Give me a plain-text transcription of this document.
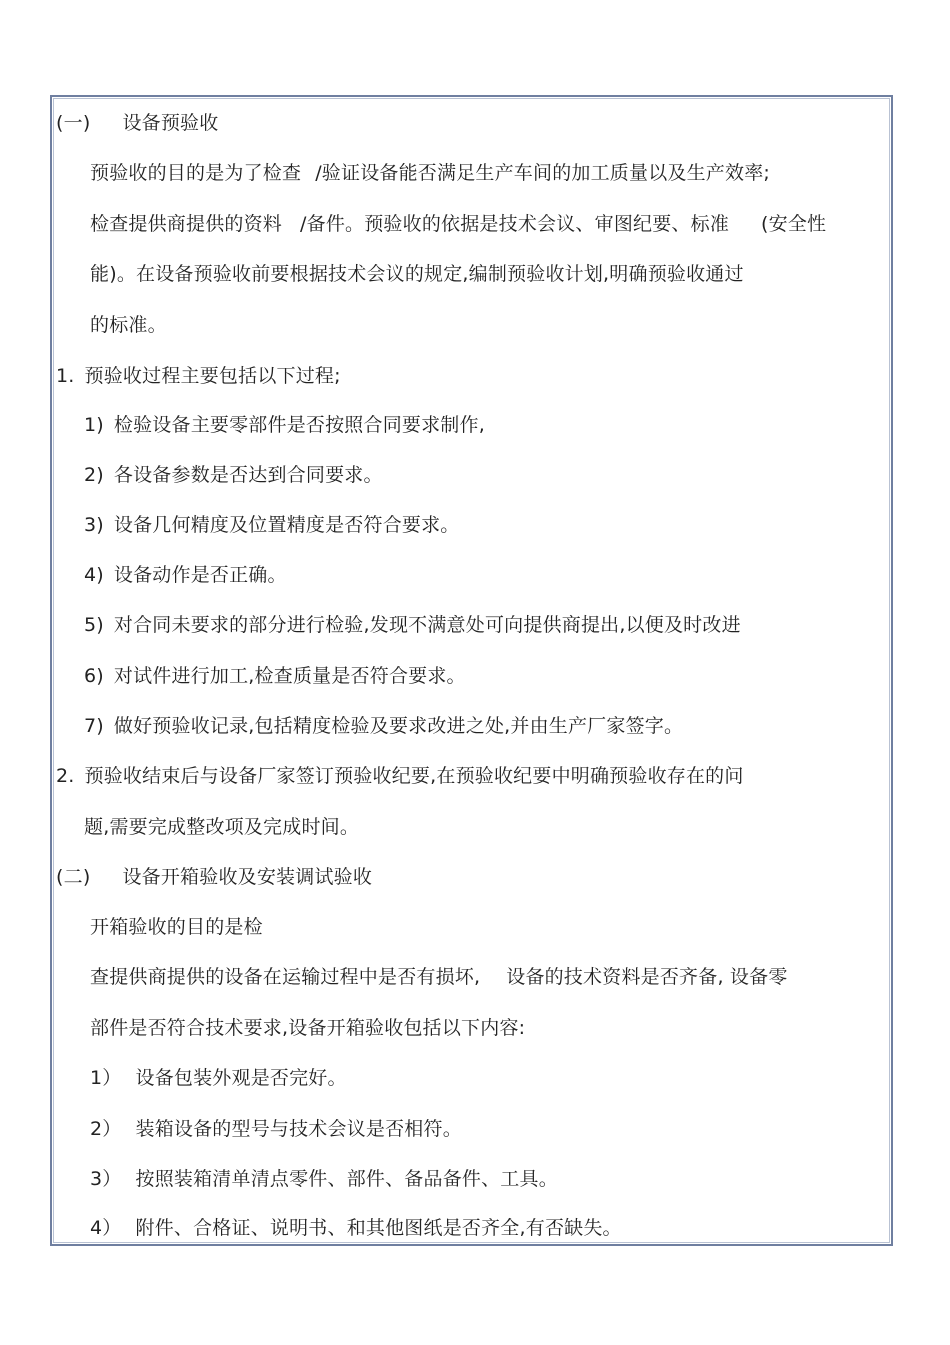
(一) 设备预验收
预验收的目的是为了检查 /验证设备能否满足生产车间的加工质量以及生产效率;
检查提供商提供的资料 /备件。预验收的依据是技术会议、审图纪要、标准 (安全性
能)。在设备预验收前要根据技术会议的规定,编制预验收计划,明确预验收通过
的标准。
1. 预验收过程主要包括以下过程;
1) 检验设备主要零部件是否按照合同要求制作,
2) 各设备参数是否达到合同要求。
3) 设备几何精度及位置精度是否符合要求。
4) 设备动作是否正确。
5) 对合同未要求的部分进行检验,发现不满意处可向提供商提出,以便及时改进
6) 对试件进行加工,检查质量是否符合要求。
7) 做好预验收记录,包括精度检验及要求改进之处,并由生产厂家签字。
2. 预验收结束后与设备厂家签订预验收纪要,在预验收纪要中明确预验收存在的问
题,需要完成整改项及完成时间。
(二) 设备开箱验收及安装调试验收
开箱验收的目的是检
查提供商提供的设备在运输过程中是否有损坏, 设备的技术资料是否齐备, 设备零
部件是否符合技术要求,设备开箱验收包括以下内容:
1） 设备包装外观是否完好。
2） 装箱设备的型号与技术会议是否相符。
3） 按照装箱清单清点零件、部件、备品备件、工具。
4） 附件、合格证、说明书、和其他图纸是否齐全,有否缺失。
